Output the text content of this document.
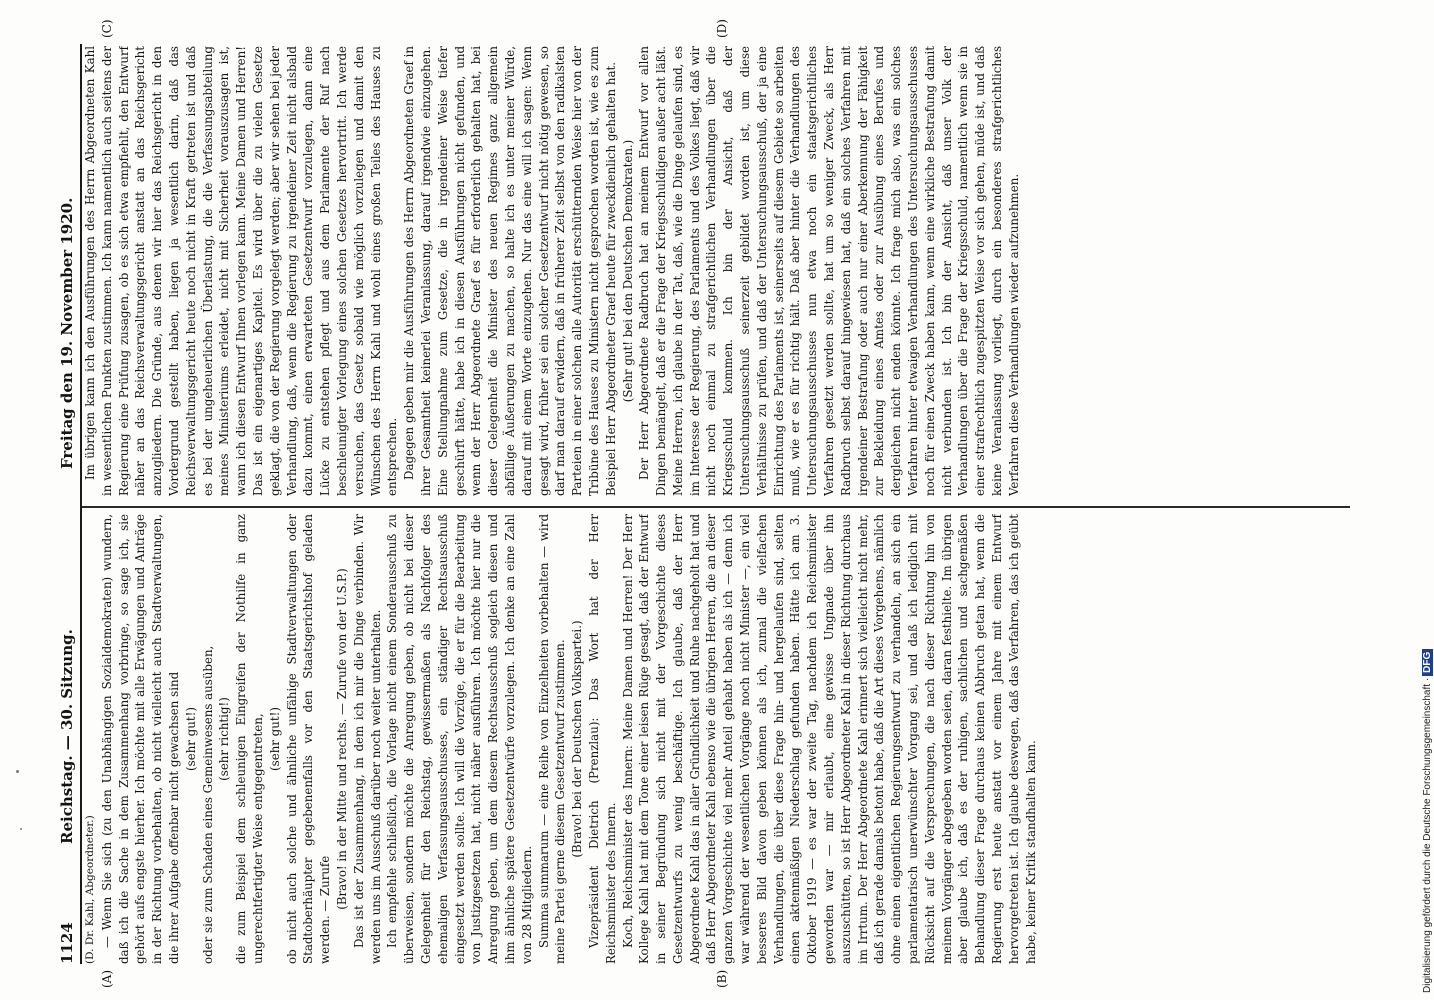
1124
Reichstag. — 30. Sitzung.
Freitag den 19. November 1920.
(A)	(B)
(C)	(D)

(D. Dr. Kahl, Abgeordneter.) — Wenn Sie sich (zu den Unabhängigen Sozialdemokraten) wundern, daß ich die Sache in dem Zusammenhang vorbringe, so sage ich, sie gehört aufs engste hierher. Ich möchte mit alle Erwägungen und Anträge in der Richtung vorbehalten, ob nicht vielleicht auch Stadtverwaltungen, die ihrer Aufgabe offenbar nicht gewachsen sind (sehr gut!) oder sie zum Schaden eines Gemeinwesens ausüben, (sehr richtig!) die zum Beispiel dem schleunigen Eingreifen der Nothilfe in ganz ungerechtfertigter Weise entgegentreten, (sehr gut!) ob nicht auch solche und ähnliche unfähige Stadtverwaltungen oder Stadtoberhäupter gegebenenfalls vor den Staatsgerichtshof geladen werden. — Zurufe

(Bravo! in der Mitte und rechts. — Zurufe von der U.S.P.) Das ist der Zusammenhang, in dem ich mir die Dinge verbinden. Wir werden uns im Ausschuß darüber noch weiter unterhalten. Ich empfehle schließlich, die Vorlage nicht einem Sonderausschuß zu überweisen, sondern möchte die Anregung geben, ob nicht bei dieser Gelegenheit für den Reichstag, gewissermaßen als Nachfolger des ehemaligen Verfassungsausschusses, ein ständiger Rechtsausschuß eingesetzt werden sollte. Ich will die Vorzüge, die er für die Bearbeitung von Justizgesetzen hat, nicht näher ausführen. Ich möchte hier nur die Anregung geben, um dem diesem Rechtsausschuß sogleich diesen und ihm ähnliche spätere Gesetzentwürfe vorzulegen. Ich denke an eine Zahl von 28 Mitgliedern. Summa summarum — eine Reihe von Einzelheiten vorbehalten — wird meine Partei gerne diesem Gesetzentwurf zustimmen. (Bravo! bei der Deutschen Volkspartei.) Vizepräsident Dietrich (Prenzlau): Das Wort hat der Herr Reichsminister des Innern. Koch, Reichsminister des Innern: Meine Damen und Herren! Der Herr Kollege Kahl hat mit dem Tone einer leisen Rüge gesagt, daß der Entwurf in seiner Begründung sich nicht mit der Vorgeschichte dieses Gesetzentwurfs zu wenig beschäftige. Ich glaube, daß der Herr Abgeordnete Kahl das in aller Gründlichkeit und Ruhe nachgeholt hat und daß Herr Abgeordneter Kahl ebenso wie die übrigen Herren, die an dieser ganzen Vorgeschichte viel mehr Anteil gehabt haben als ich — denn ich war während der wesentlichen Vorgänge noch nicht Minister —, ein viel besseres Bild davon geben können als ich, zumal die vielfachen Verhandlungen, die über diese Frage hin- und hergelaufen sind, selten einen aktenmäßigen Niederschlag gefunden haben. Hätte ich am 3. Oktober 1919 — es war der zweite Tag, nachdem ich Reichsminister geworden war — mir erlaubt, eine gewisse Ungnade über ihn auszuschütten, so ist Herr Abgeordneter Kahl in dieser Richtung durchaus im Irrtum. Der Herr Abgeordnete Kahl erinnert sich vielleicht nicht mehr, daß ich gerade damals betont habe, daß die Art dieses Vorgehens, nämlich ohne einen eigentlichen Regierungsentwurf zu verhandeln, an sich ein parlamentarisch unerwünschter Vorgang sei, und daß ich lediglich mit Rücksicht auf die Versprechungen, die nach dieser Richtung hin von meinem Vorgänger abgegeben worden seien, daran festhielte. Im übrigen aber glaube ich, daß es der ruhigen, sachlichen und sachgemäßen Behandlung dieser Frage durchaus keinen Abbruch getan hat, wenn die Regierung erst heute anstatt vor einem Jahre mit einem Entwurf hervorgetreten ist. Ich glaube deswegen, daß das Verfahren, das ich geübt habe, keiner Kritik standhalten kann.

Im übrigen kann ich den Ausführungen des Herrn Abgeordneten Kahl in wesentlichen Punkten zustimmen. Ich kann namentlich auch seitens der Regierung eine Prüfung zusagen, ob es sich etwa empfiehlt, den Entwurf näher an das Reichsverwaltungsgericht anstatt an das Reichsgericht anzugliedern. Die Gründe, aus denen wir hier das Reichsgericht in den Vordergrund gestellt haben, liegen ja wesentlich darin, daß das Reichsverwaltungsgericht heute noch nicht in Kraft getreten ist und daß es bei der ungeheuerlichen Überlastung, die die Verfassungsabteilung meines Ministeriums erleidet, nicht mit Sicherheit vorauszusagen ist, wann ich diesen Entwurf Ihnen vorlegen kann. Meine Damen und Herren! Das ist ein eigenartiges Kapitel. Es wird über die zu vielen Gesetze geklagt, die von der Regierung vorgelegt werden; aber wir sehen bei jeder Verhandlung, daß, wenn die Regierung zu irgendeiner Zeit nicht alsbald dazu kommt, einen erwarteten Gesetzentwurf vorzulegen, dann eine Lücke zu entstehen pflegt und aus dem Parlamente der Ruf nach beschleunigter Vorlegung eines solchen Gesetzes hervortritt. Ich werde versuchen, das Gesetz sobald wie möglich vorzulegen und damit den Wünschen des Herrn Kahl und wohl eines großen Teiles des Hauses zu entsprechen. Dagegen geben mir die Ausführungen des Herrn Abgeordneten Graef in ihrer Gesamtheit keinerlei Veranlassung, darauf irgendwie einzugehen. Eine Stellungnahme zum Gesetze, die in irgendeiner Weise tiefer geschürft hätte, habe ich in diesen Ausführungen nicht gefunden, und wenn der Herr Abgeordnete Graef es für erforderlich gehalten hat, bei dieser Gelegenheit die Minister des neuen Regimes ganz allgemein abfällige Äußerungen zu machen, so halte ich es unter meiner Würde, darauf mit einem Worte einzugehen. Nur das eine will ich sagen: Wenn gesagt wird, früher sei ein solcher Gesetzentwurf nicht nötig gewesen, so darf man darauf erwidern, daß in früherer Zeit selbst von den radikalsten Parteien in einer solchen alle Autorität erschütternden Weise hier von der Tribüne des Hauses zu Ministern nicht gesprochen worden ist, wie es zum Beispiel Herr Abgeordneter Graef heute für zweckdienlich gehalten hat. (Sehr gut! bei den Deutschen Demokraten.) Der Herr Abgeordnete Radbruch hat an meinem Entwurf vor allen Dingen bemängelt, daß er die Frage der Kriegsschuldigen außer acht läßt. Meine Herren, ich glaube in der Tat, daß, wie die Dinge gelaufen sind, es im Interesse der Regierung, des Parlaments und des Volkes liegt, daß wir nicht noch einmal zu strafgerichtlichen Verhandlungen über die Kriegsschuld kommen. Ich bin der Ansicht, daß der Untersuchungsausschuß seinerzeit gebildet worden ist, um diese Verhältnisse zu prüfen, und daß der Untersuchungsausschuß, der ja eine Einrichtung des Parlaments ist, seinerseits auf diesem Gebiete so arbeiten muß, wie er es für richtig hält. Daß aber hinter die Verhandlungen des Untersuchungsausschusses nun etwa noch ein staatsgerichtliches Verfahren gesetzt werden sollte, hat um so weniger Zweck, als Herr Radbruch selbst darauf hingewiesen hat, daß ein solches Verfahren mit irgendeiner Bestrafung oder auch nur einer Aberkennung der Fähigkeit zur Bekleidung eines Amtes oder zur Ausübung eines Berufes und dergleichen nicht enden könnte. Ich frage mich also, was ein solches Verfahren hinter etwaigen Verhandlungen des Untersuchungsausschusses noch für einen Zweck haben kann, wenn eine wirkliche Bestrafung damit nicht verbunden ist. Ich bin der Ansicht, daß unser Volk der Verhandlungen über die Frage der Kriegsschuld, namentlich wenn sie in einer strafrechtlich zugespitzten Weise vor sich gehen, müde ist, und daß keine Veranlassung vorliegt, durch ein besonderes strafgerichtliches Verfahren diese Verhandlungen wieder aufzunehmen.

Digitalisierung gefördert durch die Deutsche Forschungsgemeinschaft ·DFG
